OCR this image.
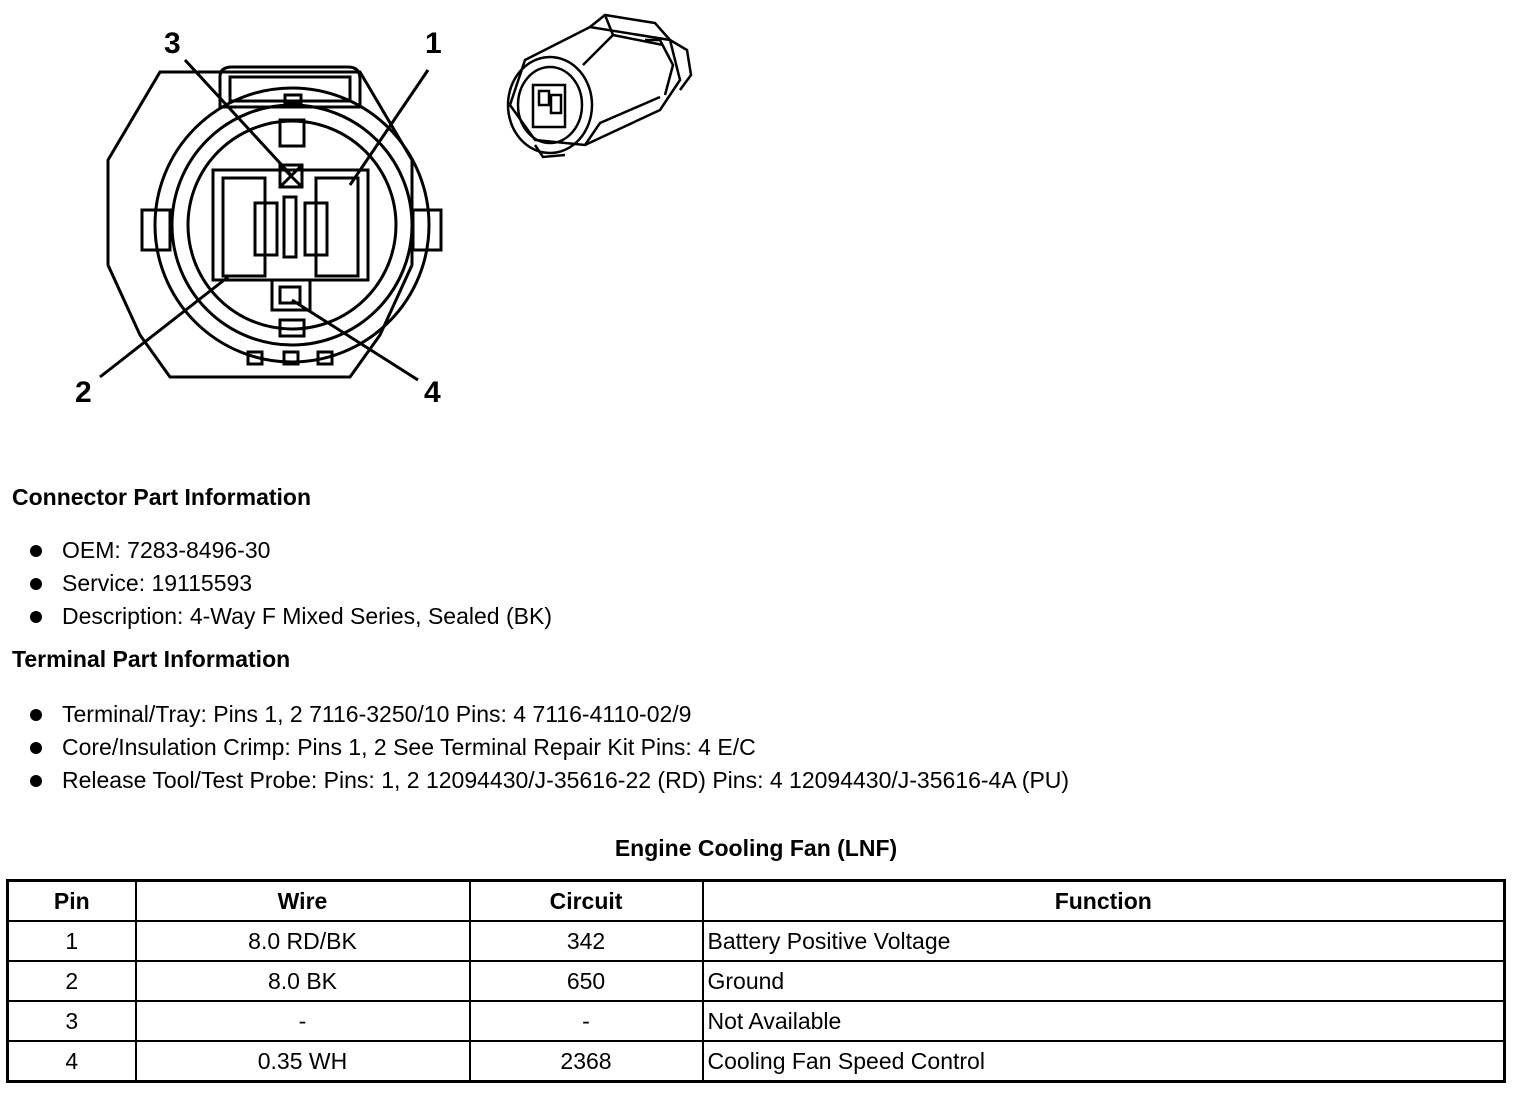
3	1
2	4
Connector Part Information
OEM: 7283-8496-30
Service: 19115593
Description: 4-Way F Mixed Series, Sealed (BK)
Terminal Part Information
Terminal/Tray: Pins 1, 2 7116-3250/10 Pins: 4 7116-4110-02/9
Core/Insulation Crimp: Pins 1, 2 See Terminal Repair Kit Pins: 4 E/C
Release Tool/Test Probe: Pins: 1, 2 12094430/J-35616-22 (RD) Pins: 4 12094430/J-35616-4A (PU)

Engine Cooling Fan (LNF)

Pin	Wire	Circuit	Function
1	8.0 RD/BK	342	Battery Positive Voltage
2	8.0 BK	650	Ground
3	-	-	Not Available
4	0.35 WH	2368	Cooling Fan Speed Control
